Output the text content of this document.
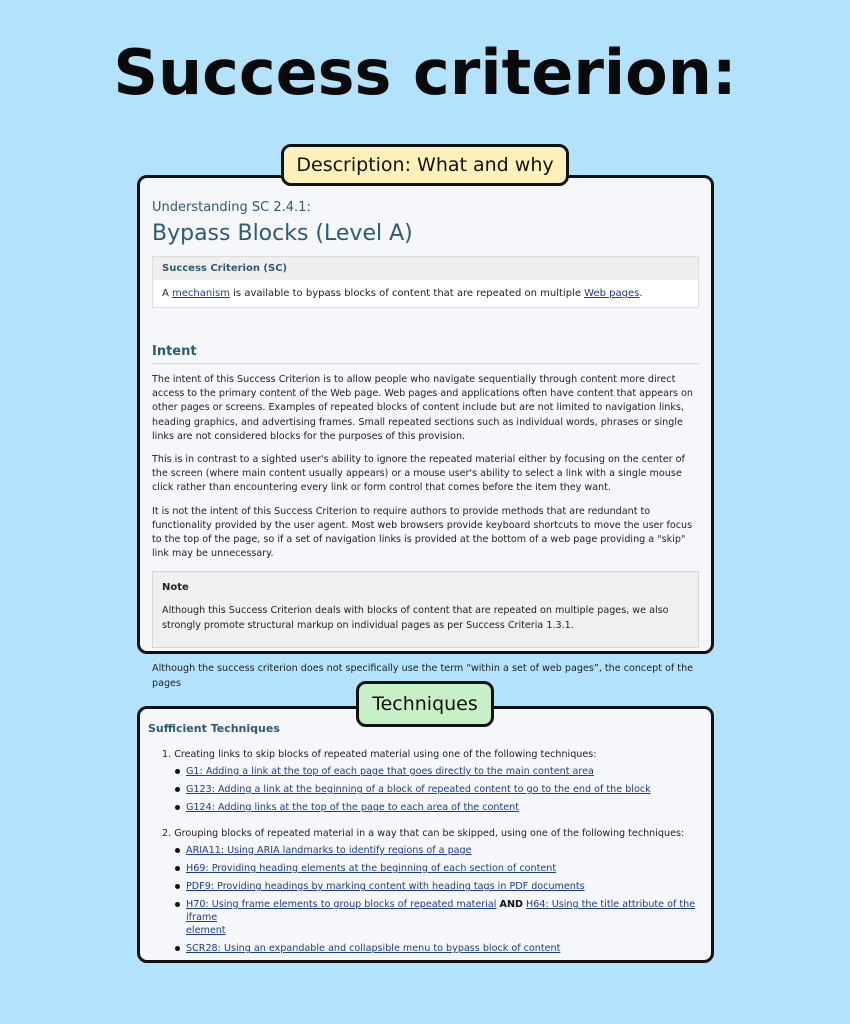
Success criterion:
Description: What and why
Understanding SC 2.4.1:
Bypass Blocks (Level A)
Success Criterion (SC)
A mechanism is available to bypass blocks of content that are repeated on multiple Web pages.
Intent
The intent of this Success Criterion is to allow people who navigate sequentially through content more direct access to the primary content of the Web page. Web pages and applications often have content that appears on other pages or screens. Examples of repeated blocks of content include but are not limited to navigation links, heading graphics, and advertising frames. Small repeated sections such as individual words, phrases or single links are not considered blocks for the purposes of this provision.
This is in contrast to a sighted user's ability to ignore the repeated material either by focusing on the center of the screen (where main content usually appears) or a mouse user's ability to select a link with a single mouse click rather than encountering every link or form control that comes before the item they want.
It is not the intent of this Success Criterion to require authors to provide methods that are redundant to functionality provided by the user agent. Most web browsers provide keyboard shortcuts to move the user focus to the top of the page, so if a set of navigation links is provided at the bottom of a web page providing a "skip" link may be unnecessary.
Note
Although this Success Criterion deals with blocks of content that are repeated on multiple pages, we also strongly promote structural markup on individual pages as per Success Criteria 1.3.1.
Although the success criterion does not specifically use the term “within a set of web pages”, the concept of the pages
Techniques
Sufficient Techniques
1. Creating links to skip blocks of repeated material using one of the following techniques:
G1: Adding a link at the top of each page that goes directly to the main content area
G123: Adding a link at the beginning of a block of repeated content to go to the end of the block
G124: Adding links at the top of the page to each area of the content
2. Grouping blocks of repeated material in a way that can be skipped, using one of the following techniques:
ARIA11: Using ARIA landmarks to identify regions of a page
H69: Providing heading elements at the beginning of each section of content
PDF9: Providing headings by marking content with heading tags in PDF documents
H70: Using frame elements to group blocks of repeated material AND H64: Using the title attribute of the iframe
element
SCR28: Using an expandable and collapsible menu to bypass block of content
